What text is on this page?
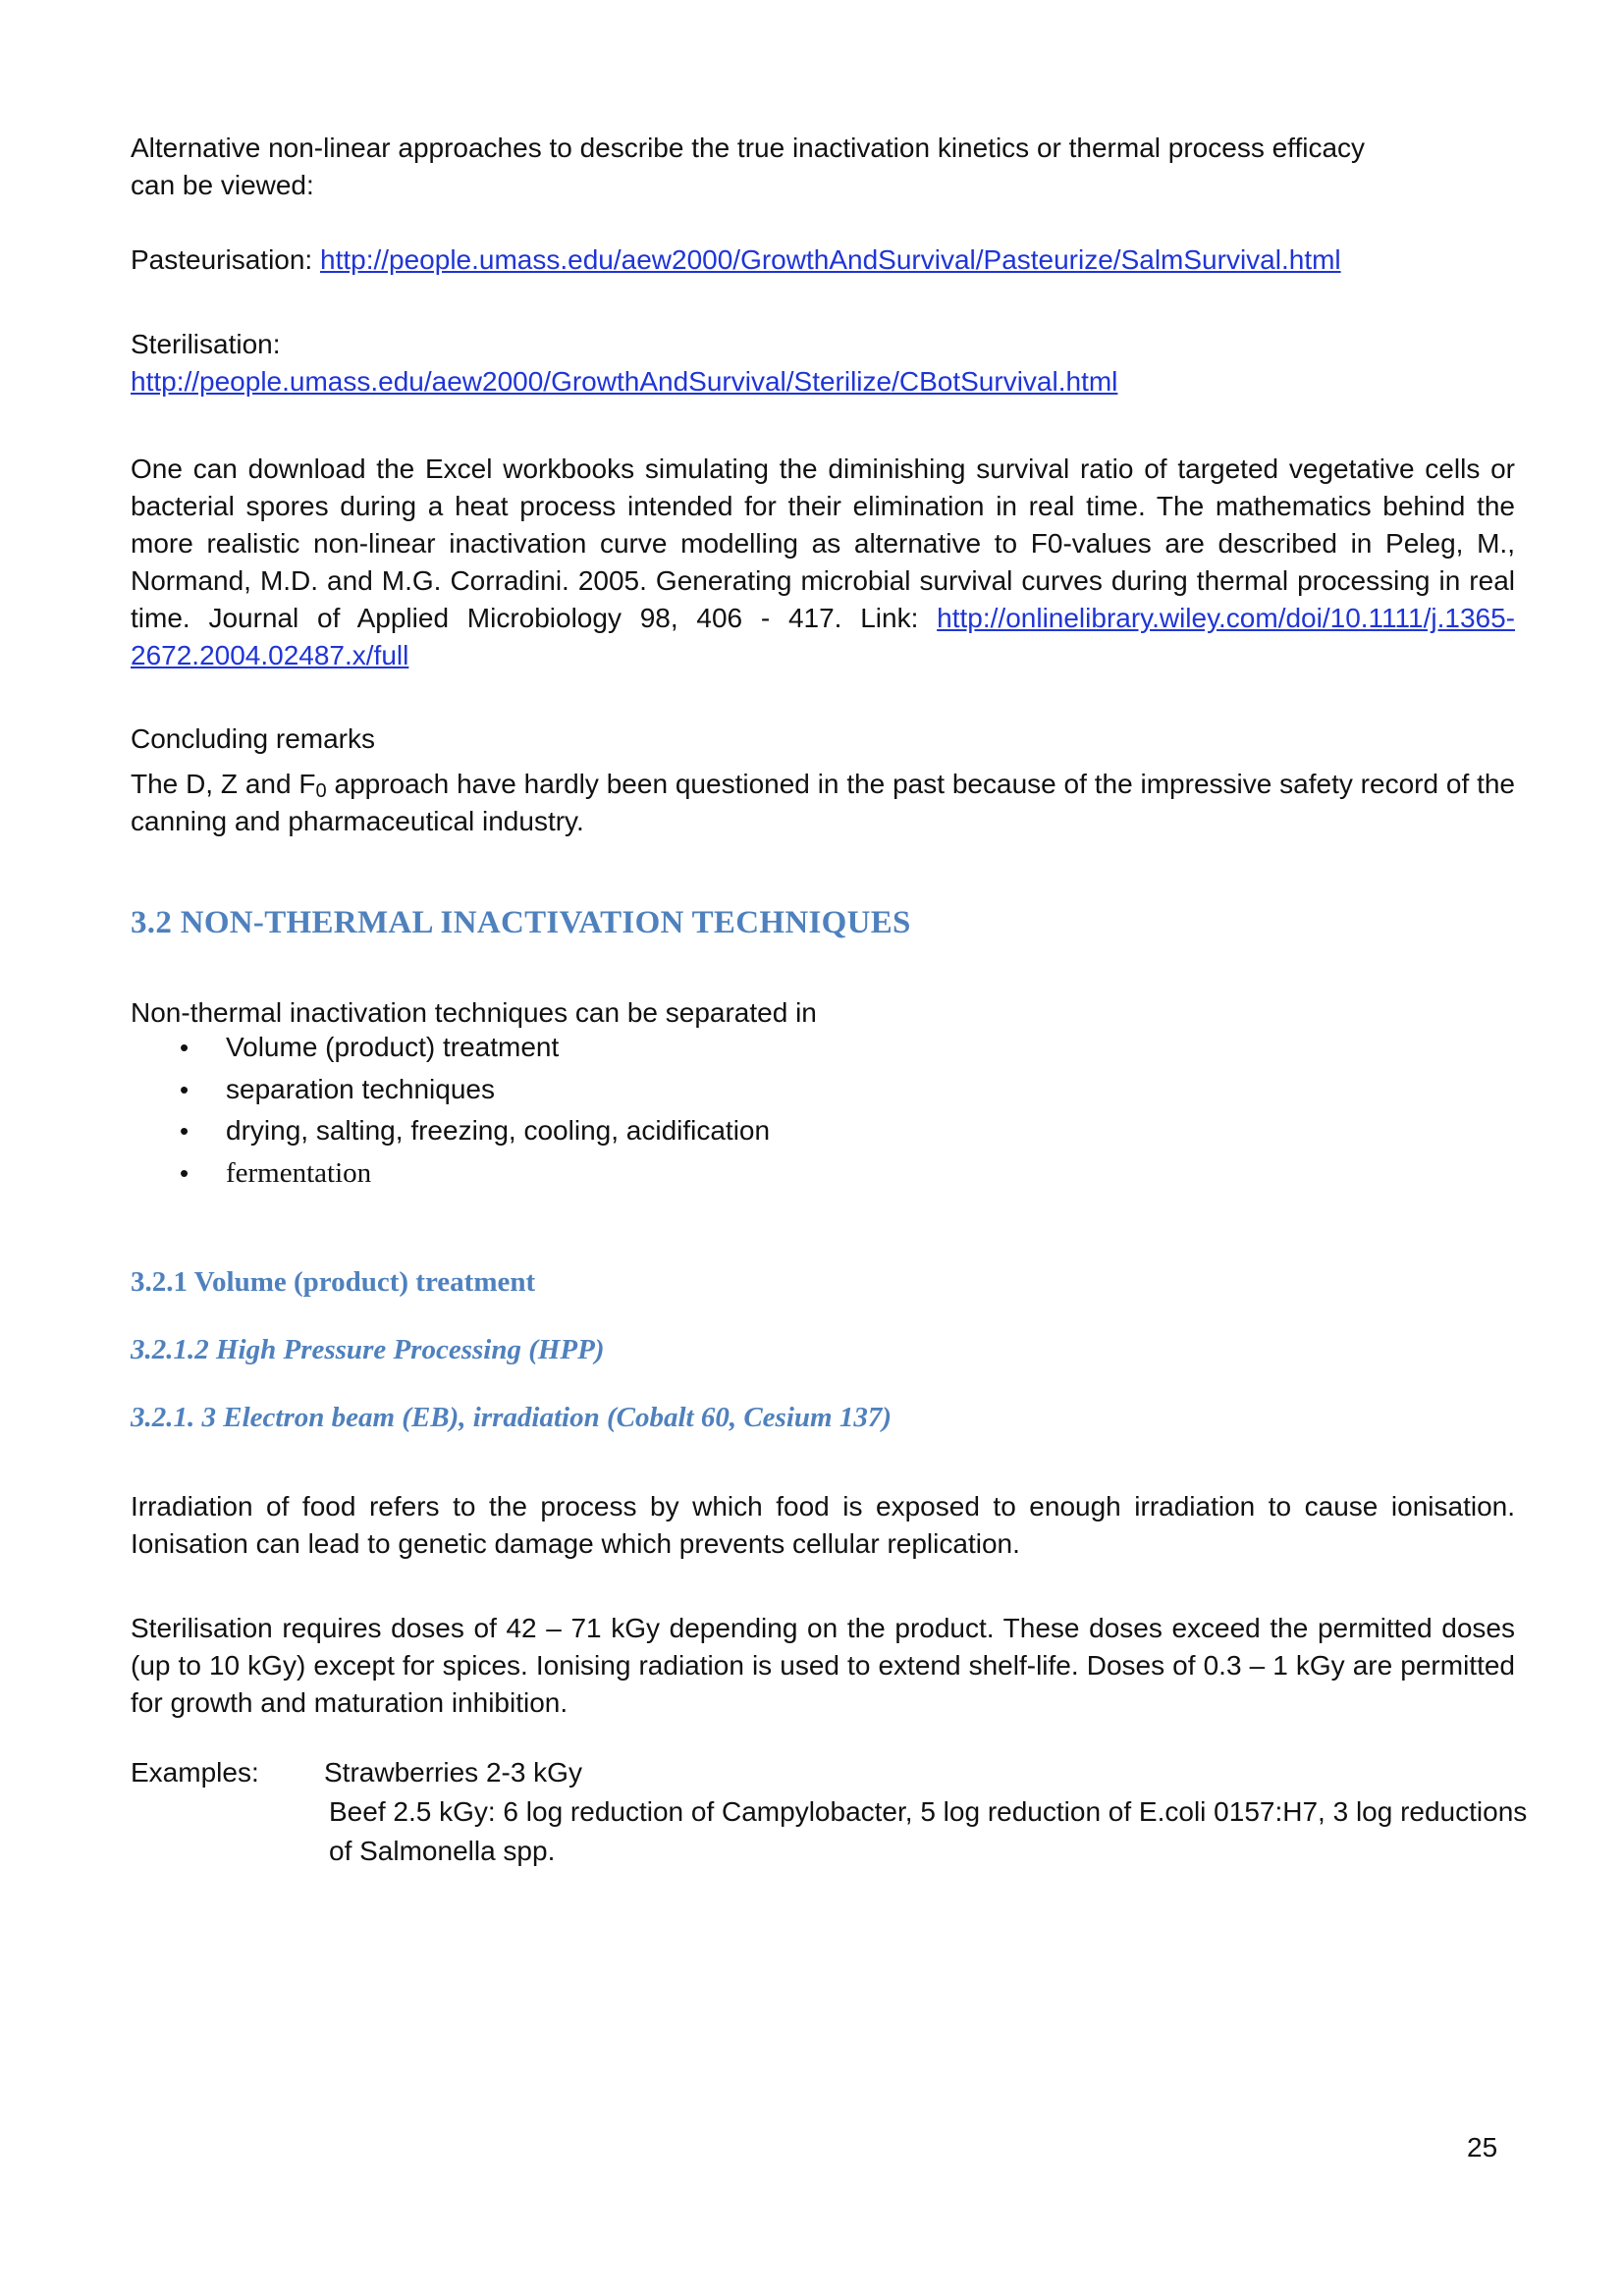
Alternative non-linear approaches to describe the true inactivation kinetics or thermal process efficacy
can be viewed:
Pasteurisation: http://people.umass.edu/aew2000/GrowthAndSurvival/Pasteurize/SalmSurvival.html
Sterilisation:
http://people.umass.edu/aew2000/GrowthAndSurvival/Sterilize/CBotSurvival.html
One can download the Excel workbooks simulating the diminishing survival ratio of targeted vegetative cells or bacterial spores during a heat process intended for their elimination in real time. The mathematics behind the more realistic non-linear inactivation curve modelling as alternative to F0-values are described in Peleg, M., Normand, M.D. and M.G. Corradini. 2005. Generating microbial survival curves during thermal processing in real time. Journal of Applied Microbiology 98, 406 - 417. Link: http://onlinelibrary.wiley.com/doi/10.1111/j.1365-2672.2004.02487.x/full
Concluding remarks
The D, Z and $F_0$ approach have hardly been questioned in the past because of the impressive safety record of the canning and pharmaceutical industry.
3.2 NON-THERMAL INACTIVATION TECHNIQUES
Non-thermal inactivation techniques can be separated in
• Volume (product) treatment
• separation techniques
• drying, salting, freezing, cooling, acidification
• fermentation
3.2.1 Volume (product) treatment
3.2.1.2 High Pressure Processing (HPP)
3.2.1. 3 Electron beam (EB), irradiation (Cobalt 60, Cesium 137)
Irradiation of food refers to the process by which food is exposed to enough irradiation to cause ionisation. Ionisation can lead to genetic damage which prevents cellular replication.
Sterilisation requires doses of 42 – 71 kGy depending on the product. These doses exceed the permitted doses (up to 10 kGy) except for spices. Ionising radiation is used to extend shelf-life. Doses of 0.3 – 1 kGy are permitted for growth and maturation inhibition.
Examples: Strawberries 2-3 kGy
Beef 2.5 kGy: 6 log reduction of Campylobacter, 5 log reduction of E.coli 0157:H7, 3 log reductions of Salmonella spp.
25
